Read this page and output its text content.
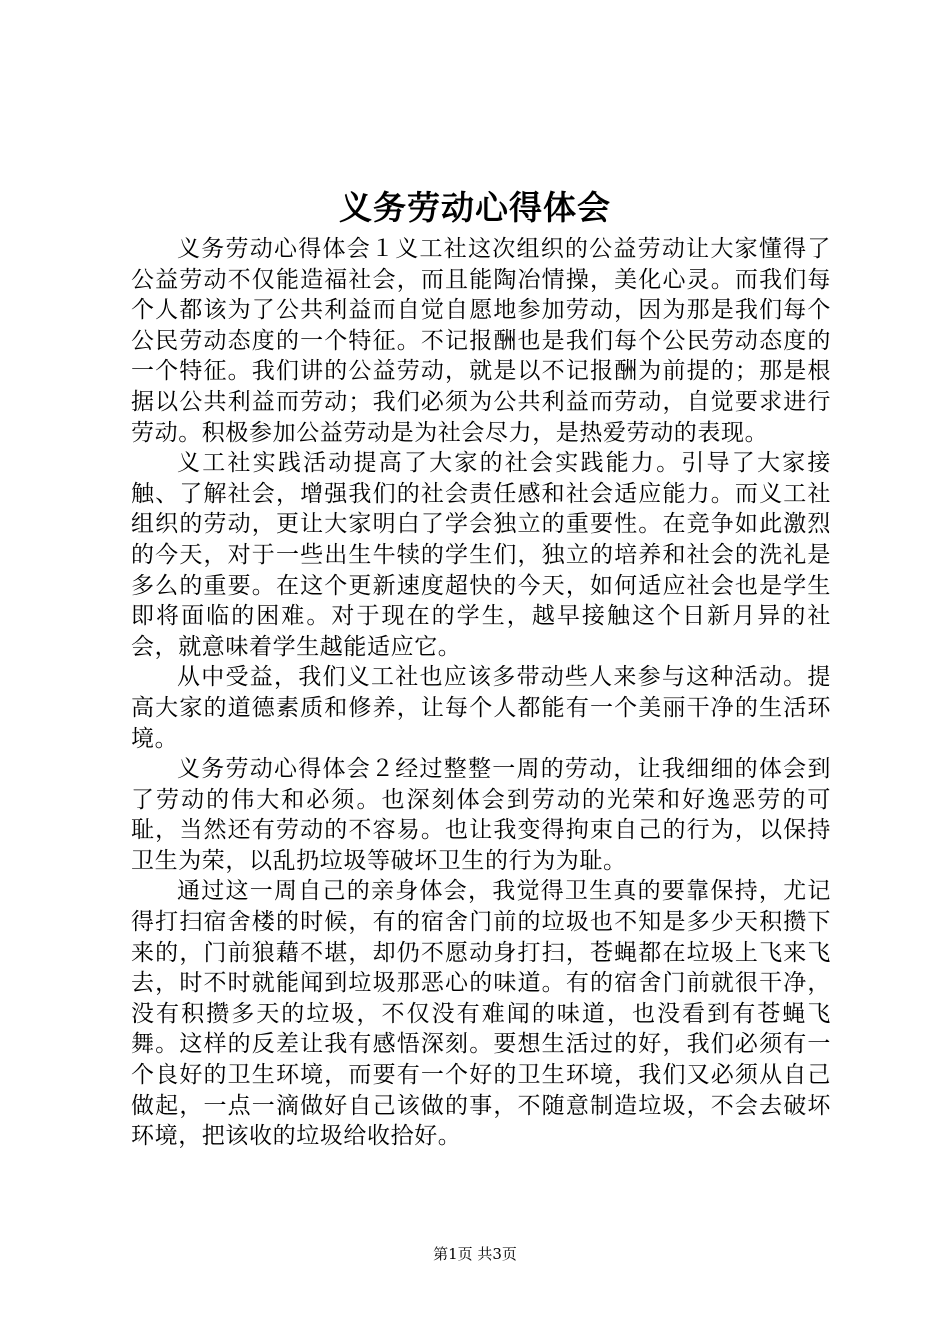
义务劳动心得体会

义务劳动心得体会１义工社这次组织的公益劳动让大家懂得了公益劳动不仅能造福社会，而且能陶冶情操，美化心灵。而我们每个人都该为了公共利益而自觉自愿地参加劳动，因为那是我们每个公民劳动态度的一个特征。不记报酬也是我们每个公民劳动态度的一个特征。我们讲的公益劳动，就是以不记报酬为前提的；那是根据以公共利益而劳动；我们必须为公共利益而劳动，自觉要求进行劳动。积极参加公益劳动是为社会尽力，是热爱劳动的表现。

义工社实践活动提高了大家的社会实践能力。引导了大家接触、了解社会，增强我们的社会责任感和社会适应能力。而义工社组织的劳动，更让大家明白了学会独立的重要性。在竞争如此激烈的今天，对于一些出生牛犊的学生们，独立的培养和社会的洗礼是多么的重要。在这个更新速度超快的今天，如何适应社会也是学生即将面临的困难。对于现在的学生，越早接触这个日新月异的社会，就意味着学生越能适应它。

从中受益，我们义工社也应该多带动些人来参与这种活动。提高大家的道德素质和修养，让每个人都能有一个美丽干净的生活环境。

义务劳动心得体会２经过整整一周的劳动，让我细细的体会到了劳动的伟大和必须。也深刻体会到劳动的光荣和好逸恶劳的可耻，当然还有劳动的不容易。也让我变得拘束自己的行为，以保持卫生为荣，以乱扔垃圾等破坏卫生的行为为耻。

通过这一周自己的亲身体会，我觉得卫生真的要靠保持，尤记得打扫宿舍楼的时候，有的宿舍门前的垃圾也不知是多少天积攒下来的，门前狼藉不堪，却仍不愿动身打扫，苍蝇都在垃圾上飞来飞去，时不时就能闻到垃圾那恶心的味道。有的宿舍门前就很干净，没有积攒多天的垃圾，不仅没有难闻的味道，也没看到有苍蝇飞舞。这样的反差让我有感悟深刻。要想生活过的好，我们必须有一个良好的卫生环境，而要有一个好的卫生环境，我们又必须从自己做起，一点一滴做好自己该做的事，不随意制造垃圾，不会去破坏环境，把该收的垃圾给收拾好。

第1页 共3页
